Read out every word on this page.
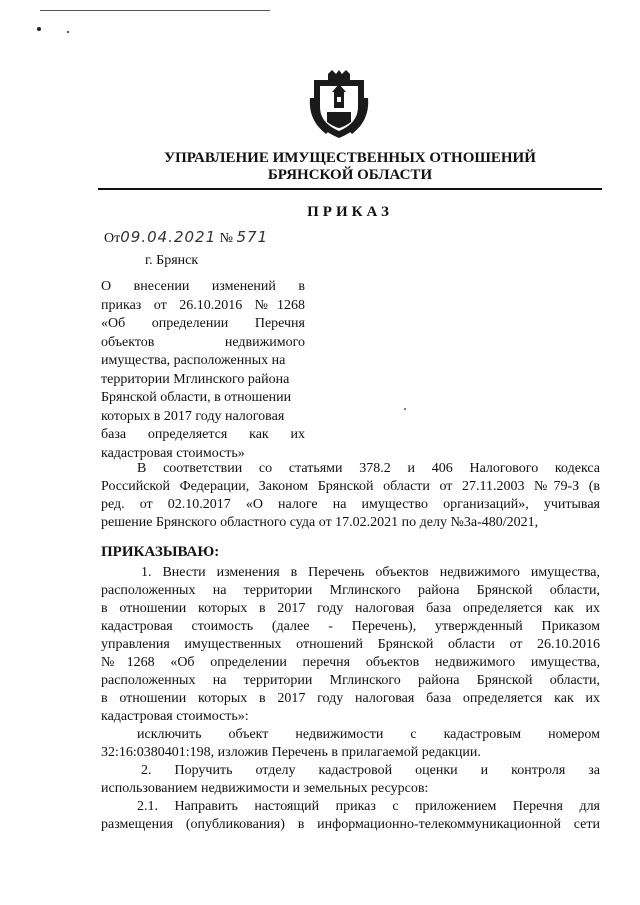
УПРАВЛЕНИЕ ИМУЩЕСТВЕННЫХ ОТНОШЕНИЙ
БРЯНСКОЙ ОБЛАСТИ
ПРИКАЗ
От09.04.2021 № 571
г. Брянск
О внесении изменений в
приказ от 26.10.2016 №1268
«Об определении Перечня
объектов недвижимого
имущества, расположенных на
территории Мглинского района
Брянской области, в отношении
которых в 2017 году налоговая
база определяется как их
кадастровая стоимость»
В соответствии со статьями 378.2 и 406 Налогового кодекса
Российской Федерации, Законом Брянской области от 27.11.2003 №79-З (в
ред. от 02.10.2017 «О налоге на имущество организаций», учитывая
решение Брянского областного суда от 17.02.2021 по делу №3а-480/2021,
ПРИКАЗЫВАЮ:
1. Внести изменения в Перечень объектов недвижимого имущества,
расположенных на территории Мглинского района Брянской области,
в отношении которых в 2017 году налоговая база определяется как их
кадастровая стоимость (далее - Перечень), утвержденный Приказом
управления имущественных отношений Брянской области от 26.10.2016
№1268 «Об определении перечня объектов недвижимого имущества,
расположенных на территории Мглинского района Брянской области,
в отношении которых в 2017 году налоговая база определяется как их
кадастровая стоимость»:
исключить объект недвижимости с кадастровым номером
32:16:0380401:198, изложив Перечень в прилагаемой редакции.
2. Поручить отделу кадастровой оценки и контроля за
использованием недвижимости и земельных ресурсов:
2.1. Направить настоящий приказ с приложением Перечня для
размещения (опубликования) в информационно-телекоммуникационной сети
